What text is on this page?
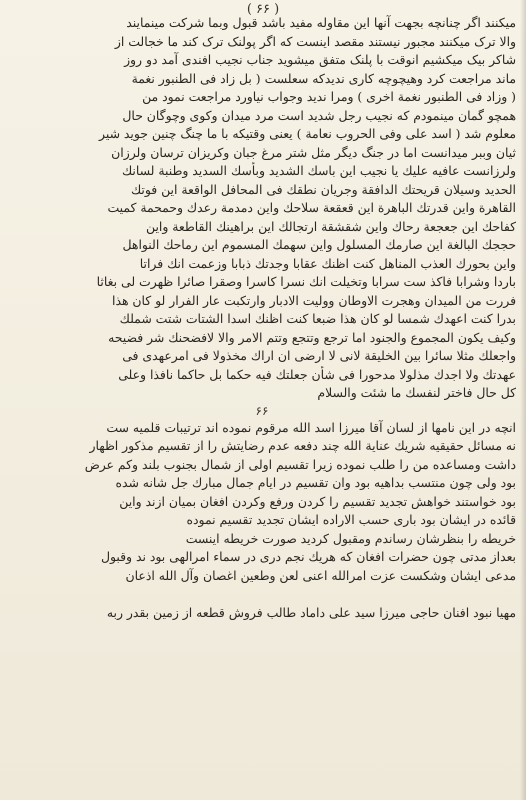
( ۶۶ )
میکنند اگر چنانچه بجهت آنها این مقاوله مفید باشد قبول وبما شرکت مینمایند
والا ترک میکنند مجبور نیستند مقصد اینست که اگر پولنک ترک کند ما خجالت از
شاکر بیک میکشیم انوقت با پلنک متفق میشوید جناب نجیب افندی آمد دو روز
ماند مراجعت کرد وهیچوچه کاری ندیدکه سعلست ( بل زاد فی الطنبور نغمة
( وزاد فی الطنبور نغمة اخری ) ومرا ندید وجواب نیاورد مراجعت نمود من
همچو گمان مینمودم که نجیب رجل شدید است مرد میدان وکوی وچوگان حال
معلوم شد ( اسد علی وفی الحروب نعامة ) یعنی وقتیکه با ما چنگ چنین جوید شیر
ثیان وببر میدانست اما در جنگ دیگر مثل شتر مرغ جبان وکریزان ترسان ولرزان
ولرزانست عافیه علیك یا نجیب این باسك الشدید وبأسك السدید وطنبة لسانك
الحدید وسیلان قریحتك الدافقة وجریان نطقك فی المحافل الواقعة این فوتك
القاهرة واین قدرتك الباهرة این قعقعة سلاحك واین دمدمة رعدك وحمحمة کمیت
کفاحك این جعجعة رحاك واین شقشقة ارتجالك این براهینك القاطعة واین
حججك البالغة این صارمك المسلول واین سهمك المسموم این رماحك النواهل
واین بحورك العذب المناهل کنت اظنك عقابا وجدتك ذبابا وزعمت انك فراتا
باردا وشرابا فاکذ ست سرابا وتخیلت انك نسرا کاسرا وصقرا صائرا ظهرت لی بغاثا
فررت من المیدان وهجرت الاوطان وولیت الادبار وارتکبت عار الفرار لو کان هذا
بدرا کنت اعهدك شمسا لو کان هذا ضبعا کنت اظنك اسدا الشتات شتت شملك
وکیف یکون المجموع والجنود اما ترجع وتتجع وتتم الامر والا لافضحنك شر فضیحه
واجعلك مثلا سائرا بین الخلیقة لانی لا ارضی ان اراك مخذولا فی امرعهدی فی
عهدتك ولا اجدك مذلولا مدحورا فی شأن جعلتك فیه حکما بل حاکما نافذا وعلی
کل حال فاختر لنفسك ما شئت والسلام
۶۶
انچه در این نامها از لسان آقا میرزا اسد الله مرقوم نموده اند ترتیبات قلمیه ست
نه مسائل حقیقیه شریك عنایة الله چند دفعه عدم رضایتش را از تقسیم مذکور اظهار
داشت ومساعده من را طلب نموده زیرا تقسیم اولی از شمال بجنوب بلند وکم عرض
بود ولی چون منتسب بداهیه بود وان تقسیم در ایام جمال مبارك جل شانه شده
بود خواستند خواهش تجدید تقسیم را کردن ورفع وکردن افغان بمیان ازند واین
قائده در ایشان بود باری حسب الاراده ایشان تجدید تقسیم نموده
خریطه را بنظرشان رساندم ومقبول کردید صورت خریطه اینست
بعداز مدتی چون حضرات افغان که هریك نجم دری در سماء امرالهی بود ند وقبول
مدعی ایشان وشکست عزت امرالله اعنی لعن وطعین اغصان وآل الله اذعان
مهیا نبود افنان حاجی میرزا سید علی داماد طالب فروش قطعه از زمین بقدر ربه
